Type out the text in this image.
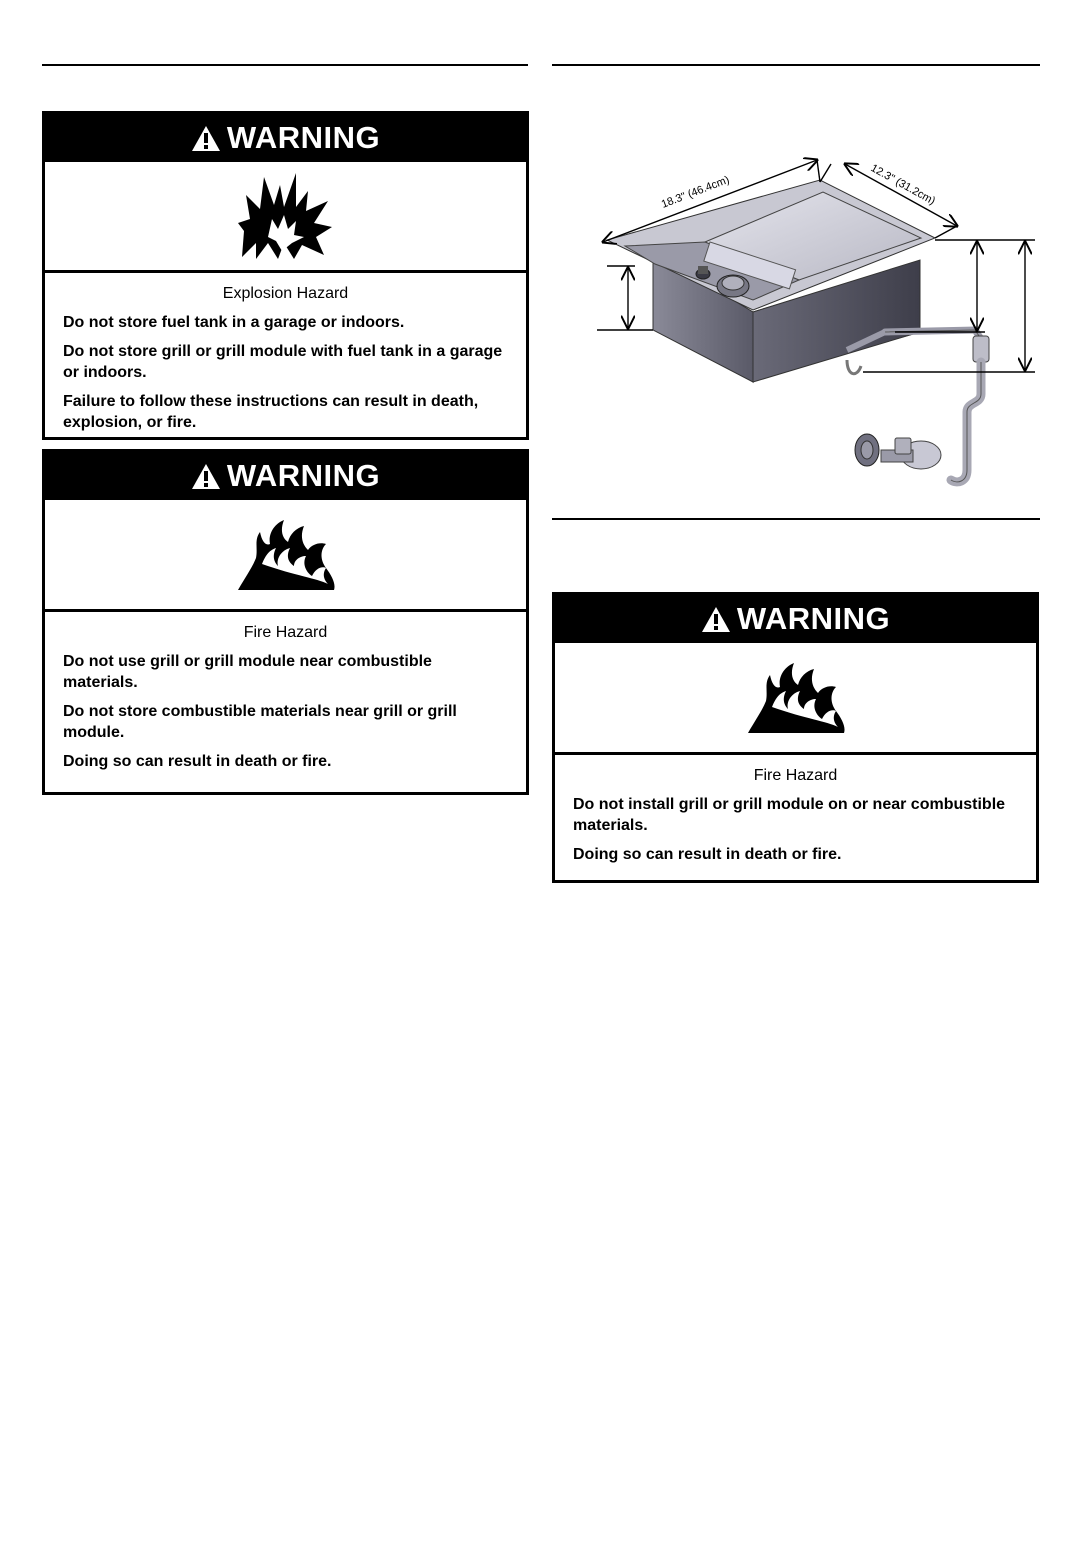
WARNING
Explosion Hazard

Do not store fuel tank in a garage or indoors.

Do not store grill or grill module with fuel tank in a garage or indoors.

Failure to follow these instructions can result in death, explosion, or fire.

WARNING
Fire Hazard

Do not use grill or grill module near combustible materials.

Do not store combustible materials near grill or grill module.

Doing so can result in death or fire.

WARNING
Fire Hazard

Do not install grill or grill module on or near combustible materials.

Doing so can result in death or fire.

18.3" (46.4cm)	12.3" (31.2cm)
